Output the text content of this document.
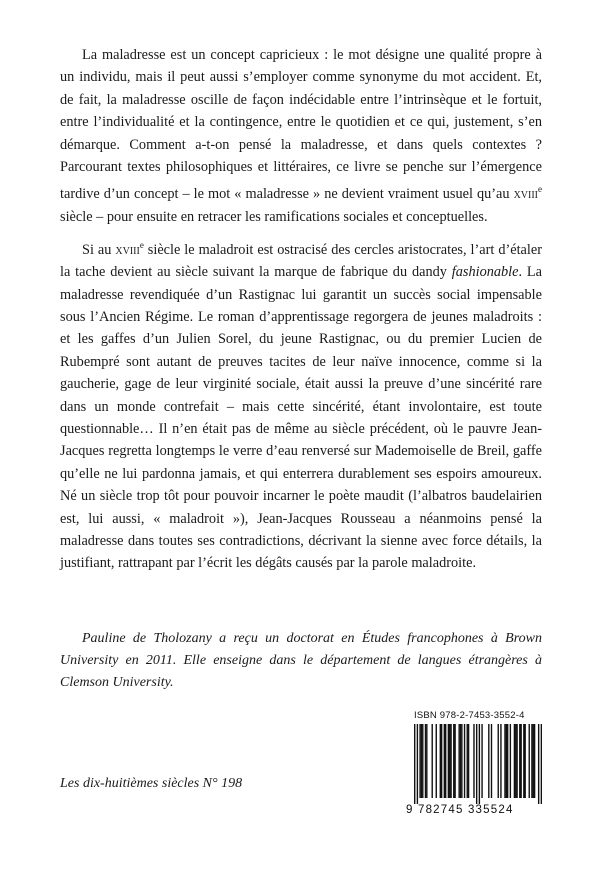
La maladresse est un concept capricieux : le mot désigne une qualité propre à un individu, mais il peut aussi s’employer comme synonyme du mot accident. Et, de fait, la maladresse oscille de façon indécidable entre l’intrinsèque et le fortuit, entre l’individualité et la contingence, entre le quotidien et ce qui, justement, s’en démarque. Comment a-t-on pensé la maladresse, et dans quels contextes ? Parcourant textes philosophiques et littéraires, ce livre se penche sur l’émergence tardive d’un concept – le mot « maladresse » ne devient vraiment usuel qu’au xviii$^e$ siècle – pour ensuite en retracer les ramifications sociales et conceptuelles.

Si au xviii$^e$ siècle le maladroit est ostracisé des cercles aristocrates, l’art d’étaler la tache devient au siècle suivant la marque de fabrique du dandy fashionable. La maladresse revendiquée d’un Rastignac lui garantit un succès social impensable sous l’Ancien Régime. Le roman d’apprentissage regorgera de jeunes maladroits : et les gaffes d’un Julien Sorel, du jeune Rastignac, ou du premier Lucien de Rubempré sont autant de preuves tacites de leur naïve innocence, comme si la gaucherie, gage de leur virginité sociale, était aussi la preuve d’une sincérité rare dans un monde contrefait – mais cette sincérité, étant involontaire, est toute questionnable… Il n’en était pas de même au siècle précédent, où le pauvre Jean-Jacques regretta longtemps le verre d’eau renversé sur Mademoiselle de Breil, gaffe qu’elle ne lui pardonna jamais, et qui enterrera durablement ses espoirs amoureux. Né un siècle trop tôt pour pouvoir incarner le poète maudit (l’albatros baudelairien est, lui aussi, « maladroit »), Jean-Jacques Rousseau a néanmoins pensé la maladresse dans toutes ses contradictions, décrivant la sienne avec force détails, la justifiant, rattrapant par l’écrit les dégâts causés par la parole maladroite.

Pauline de Tholozany a reçu un doctorat en Études francophones à Brown University en 2011. Elle enseigne dans le département de langues étrangères à Clemson University.
Les dix-huitièmes siècles N° 198
ISBN 978-2-7453-3552-4
9 782745 335524
